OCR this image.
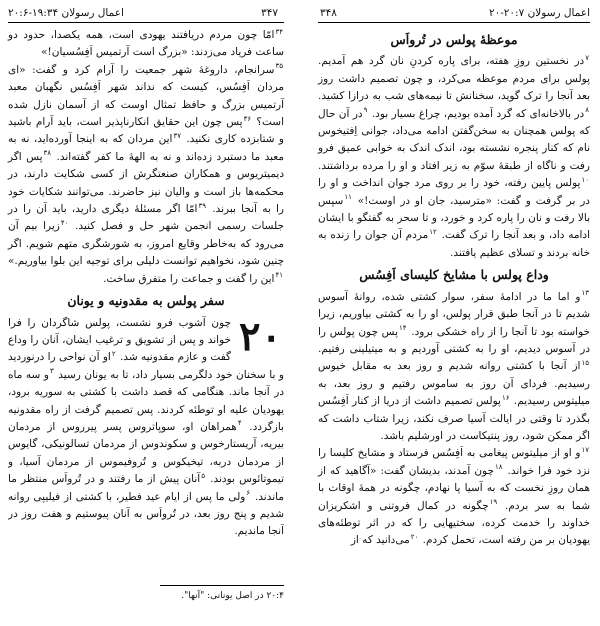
اعمال رسولان ۲۰:۷-۲۰
۳۴۸
۳۴۷
اعمال رسولان ۱۹:۳۴-۲۰:۶
موعظهٔ پولس در تُرواَس

$^۷$در نخستین روزِ هفته، برای پاره کردنِ نان گرد هم آمدیم. پولس برای مردم موعظه می‌کرد، و چون تصمیم داشت روز بعد آنجا را ترک گوید، سخنانش تا نیمه‌های شب به درازا کشید. $^۸$در بالاخانه‌ای که گرد آمده بودیم، چراغ بسیار بود. $^۹$در آن حال که پولس همچنان به سخن‌گفتن ادامه می‌داد، جوانی اِفتیخوس نام که کنار پنجره نشسته بود، اندک اندک به خوابی عمیق فرو رفت و ناگاه از طبقهٔ سوّم به زیر افتاد و او را مرده برداشتند. $^{۱۰}$پولس پایین رفته، خود را بر روی مرد جوان انداخت و او را در بر گرفت و گفت: «مترسید، جان او در اوست!» $^{۱۱}$سپس بالا رفت و نان را پاره کرد و خورد، و تا سحر به گفتگو با ایشان ادامه داد، و بعد آنجا را ترک گفت. $^{۱۲}$مردم آن جوان را زنده به خانه بردند و تسلای عظیم یافتند.

وداع پولس با مشایخ کلیسای اَفِسُس

$^{۱۳}$و اما ما در ادامهٔ سفر، سوار کشتی شده، روانهٔ آسوس شدیم تا در آنجا طبق قرار پولس، او را به کشتی بیاوریم، زیرا خواسته بود تا آنجا را از راه خشکی برود. $^{۱۴}$پس چون پولس را در آسوس دیدیم، او را به کشتی آوردیم و به میتیلینی رفتیم. $^{۱۵}$از آنجا با کشتی روانه شدیم و روز بعد به مقابل خیوس رسیدیم. فردای آن روز به ساموس رفتیم و روز بعد، به میلیتوس رسیدیم. $^{۱۶}$پولس تصمیم داشت از دریا از کنار اَفِسُس بگذرد تا وقتی در ایالت آسیا صرف نکند، زیرا شتاب داشت که اگر ممکن شود، روز پنتیکاست در اورشلیم باشد.

$^{۱۷}$و او از میلیتوس پیغامی به اَفِسُس فرستاد و مشایخ کلیسا را نزد خود فرا خواند. $^{۱۸}$چون آمدند، بدیشان گفت: «آگاهید که از همان روزِ نخست که به آسیا پا نهادم، چگونه در همهٔ اوقات با شما به سر بردم. $^{۱۹}$چگونه در کمال فروتنی و اشکریزان خداوند را خدمت کرده، سختیهایی را که در اثر توطئه‌های یهودیان بر من رفته است، تحمل کردم. $^{۲۰}$می‌دانید که از

$^{۳۴}$امّا چون مردم دریافتند یهودی است، همه یکصدا، حدود دو ساعت فریاد می‌زدند: «بزرگ است آرتمیس اَفِسُسیان!»

$^{۳۵}$سرانجام، داروغهٔ شهر جمعیت را آرام کرد و گفت: «ای مردان اَفِسُس، کیست که نداند شهر اَفِسُس نگهبان معبد آرتمیس بزرگ و حافظ تمثال اوست که از آسمان نازل شده است؟ $^{۳۶}$پس چون این حقایق انکارناپذیر است، باید آرام باشید و شتابزده کاری نکنید. $^{۳۷}$این مردان که به اینجا آورده‌اید، نه به معبد ما دستبرد زده‌اند و نه به الههٔ ما کفر گفته‌اند. $^{۳۸}$پس اگر دیمیتریوس و همکاران صنعتگرش از کسی شکایت دارند، در محکمه‌ها باز است و والیان نیز حاضرند. می‌توانند شکایات خود را به آنجا ببرند. $^{۳۹}$امّا اگر مسئلهٔ دیگری دارید، باید آن را در جلسات رسمی انجمن شهر حل و فصل کنید. $^{۴۰}$زیرا بیم آن می‌رود که به‌خاطر وقایع امروز، به شورشگری متهم شویم. اگر چنین شود، نخواهیم توانست دلیلی برای توجیه این بلوا بیاوریم.» $^{۴۱}$این را گفت و جماعت را متفرق ساخت.

سفر پولس به مقدونیه و یونان
۲۰

چون آشوب فرو نشست، پولس شاگردان را فرا خواند و پس از تشویق و ترغیب ایشان، آنان را وداع گفت و عازم مقدونیه شد. $^۲$او آن نواحی را درنوردید و با سخنان خود دلگرمی بسیار داد، تا به یونان رسید $^۳$و سه ماه در آنجا ماند. هنگامی که قصد داشت با کشتی به سوریه برود، یهودیان علیه او توطئه کردند. پس تصمیم گرفت از راه مقدونیه بازگردد. $^۴$همراهان او، سوپاتروس پسر پیرروس از مردمان بیریه، آریستارخوس و سکوندوس از مردمان تسالونیکی، گایوس از مردمان دربه، تیخیکوس و تُروفیموس از مردمان آسیا، و تیموتائوس بودند. $^۵$آنان پیش از ما رفتند و در تُرواَس منتظر ما ماندند. $^۶$ولی ما پس از ایام عید فطیر، با کشتی از فیلیپی روانه شدیم و پنج روز بعد، در تُرواَس به آنان پیوستیم و هفت روز در آنجا ماندیم.

۲۰:۴ در اصل یونانی: "آنها".
